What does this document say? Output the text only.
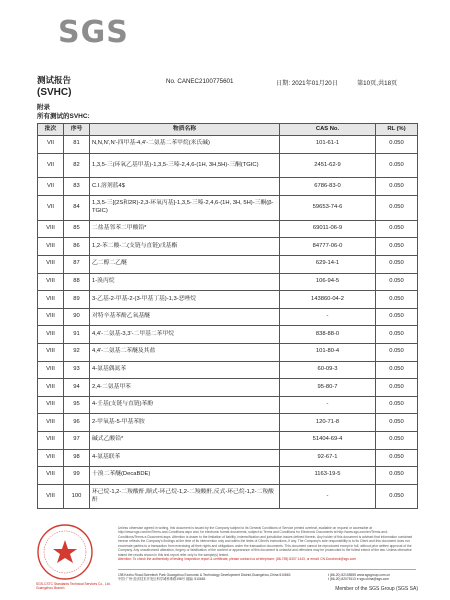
SGS
测试报告
(SVHC)
No. CANEC2100775601	日期: 2021年01月20日	第10页,共18页
附录
所有测试的SVHC:
批次	序号	物质名称	CAS No.	RL (%)
VII	81	N,N,N',N'-四甲基-4,4'-二氨基二苯甲烷(米氏碱)	101-61-1	0.050
VII	82	1,3,5-三(环氧乙基甲基)-1,3,5-三嗪-2,4,6-(1H, 3H,5H)-三酮(TGIC)	2451-62-9	0.050
VII	83	C.I.溶剂蓝4$	6786-83-0	0.050
VII	84	1,3,5-三[(2S和2R)-2,3-环氧丙基]-1,3,5-三嗪-2,4,6-(1H, 3H, 5H)-三酮(β-TGIC)	59653-74-6	0.050
VIII	85	二盐基邻苯二甲酸铅*	69011-06-9	0.050
VIII	86	1,2-苯二酸-二(支链与直链)戊基酯	84777-06-0	0.050
VIII	87	乙二醇二乙醚	629-14-1	0.050
VIII	88	1-溴丙烷	106-94-5	0.050
VIII	89	3-乙基-2-甲基-2-(3-甲基丁基)-1,3-恶唑烷	143860-04-2	0.050
VIII	90	对特辛基苯酚乙氧基醚	-	0.050
VIII	91	4,4'-二氨基-3,3'-二甲基二苯甲烷	838-88-0	0.050
VIII	92	4,4'-二氨基二苯醚及其盐	101-80-4	0.050
VIII	93	4-氨基偶氮苯	60-09-3	0.050
VIII	94	2,4-二氨基甲苯	95-80-7	0.050
VIII	95	4-壬基(支链与直链)苯酚	-	0.050
VIII	96	2-甲氧基-5-甲基苯胺	120-71-8	0.050
VIII	97	碱式乙酸铅*	51404-69-4	0.050
VIII	98	4-氨基联苯	92-67-1	0.050
VIII	99	十溴二苯醚(DecaBDE)	1163-19-5	0.050
VIII	100	环己烷-1,2-二羧酸酐,顺式-环己烷-1,2-二羧酸酐,反式-环己烷-1,2-二羧酸酐	-	0.050
SGS-CSTC Standards Technical Services Co., Ltd. Guangzhou Branch
Unless otherwise agreed in writing, this document is issued by the Company subject to its General Conditions of Service printed overleaf, available on request or accessible at http://www.sgs.com/en/Terms-and-Conditions.aspx and, for electronic format documents, subject to Terms and Conditions for Electronic Documents at http://www.sgs.com/en/Terms-and-Conditions/Terms-e-Document.aspx. Attention is drawn to the limitation of liability, indemnification and jurisdiction issues defined therein. Any holder of this document is advised that information contained hereon reflects the Company's findings at the time of its intervention only and within the limits of Client's instructions, if any. The Company's sole responsibility is to its Client and this document does not exonerate parties to a transaction from exercising all their rights and obligations under the transaction documents. This document cannot be reproduced except in full, without prior written approval of the Company. Any unauthorized alteration, forgery or falsification of the content or appearance of this document is unlawful and offenders may be prosecuted to the fullest extent of the law. Unless otherwise stated the results shown in this test report refer only to the sample(s) tested.
Attention: To check the authenticity of testing /inspection report & certificate, please contact us at telephone: (86-755) 8307 1443, or email: CN.Doccheck@sgs.com
198 Kezhu Road,Scientech Park Guangzhou Economic & Technology Development District,Guangzhou,China 510663
中国·广州·经济技术开发区科学城科珠路198号 邮编: 510663
t (86-20) 82155555 www.sgsgroup.com.cn
t (86-20) 82075113 e sgs.china@sgs.com
Member of the SGS Group (SGS SA)
